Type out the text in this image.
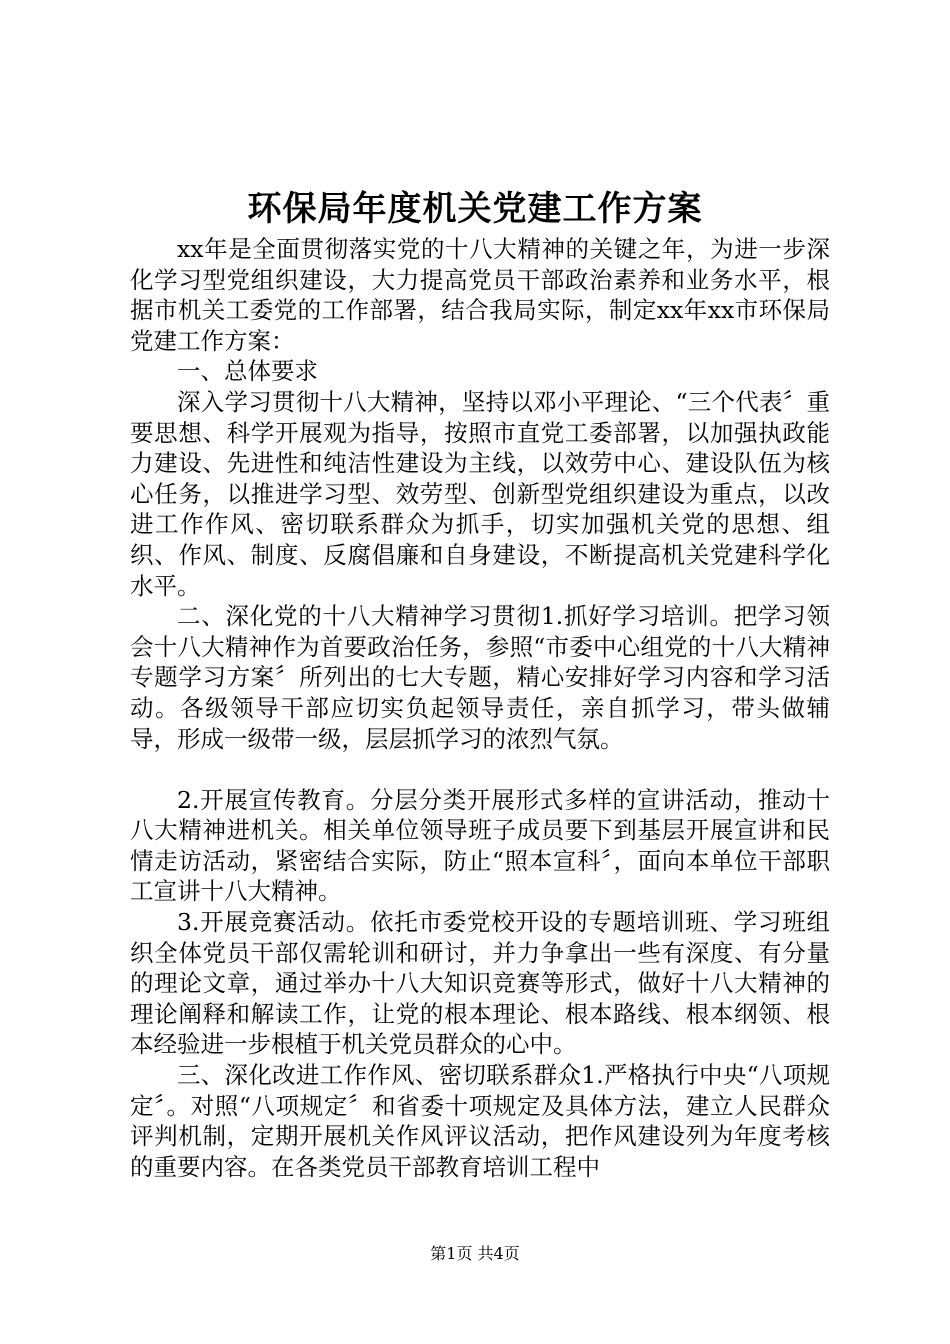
环保局年度机关党建工作方案

xx年是全面贯彻落实党的十八大精神的关键之年，为进一步深化学习型党组织建设，大力提高党员干部政治素养和业务水平，根据市机关工委党的工作部署，结合我局实际，制定xx年xx市环保局党建工作方案：

一、总体要求

深入学习贯彻十八大精神，坚持以邓小平理论、“三个代表〞重要思想、科学开展观为指导，按照市直党工委部署，以加强执政能力建设、先进性和纯洁性建设为主线，以效劳中心、建设队伍为核心任务，以推进学习型、效劳型、创新型党组织建设为重点，以改进工作作风、密切联系群众为抓手，切实加强机关党的思想、组织、作风、制度、反腐倡廉和自身建设，不断提高机关党建科学化水平。

二、深化党的十八大精神学习贯彻1.抓好学习培训。把学习领会十八大精神作为首要政治任务，参照“市委中心组党的十八大精神专题学习方案〞所列出的七大专题，精心安排好学习内容和学习活动。各级领导干部应切实负起领导责任，亲自抓学习，带头做辅导，形成一级带一级，层层抓学习的浓烈气氛。

2.开展宣传教育。分层分类开展形式多样的宣讲活动，推动十八大精神进机关。相关单位领导班子成员要下到基层开展宣讲和民情走访活动，紧密结合实际，防止“照本宣科〞，面向本单位干部职工宣讲十八大精神。

3.开展竞赛活动。依托市委党校开设的专题培训班、学习班组织全体党员干部仅需轮训和研讨，并力争拿出一些有深度、有分量的理论文章，通过举办十八大知识竞赛等形式，做好十八大精神的理论阐释和解读工作，让党的根本理论、根本路线、根本纲领、根本经验进一步根植于机关党员群众的心中。

三、深化改进工作作风、密切联系群众1.严格执行中央“八项规定〞。对照“八项规定〞和省委十项规定及具体方法，建立人民群众评判机制，定期开展机关作风评议活动，把作风建设列为年度考核的重要内容。在各类党员干部教育培训工程中

第1页 共4页
